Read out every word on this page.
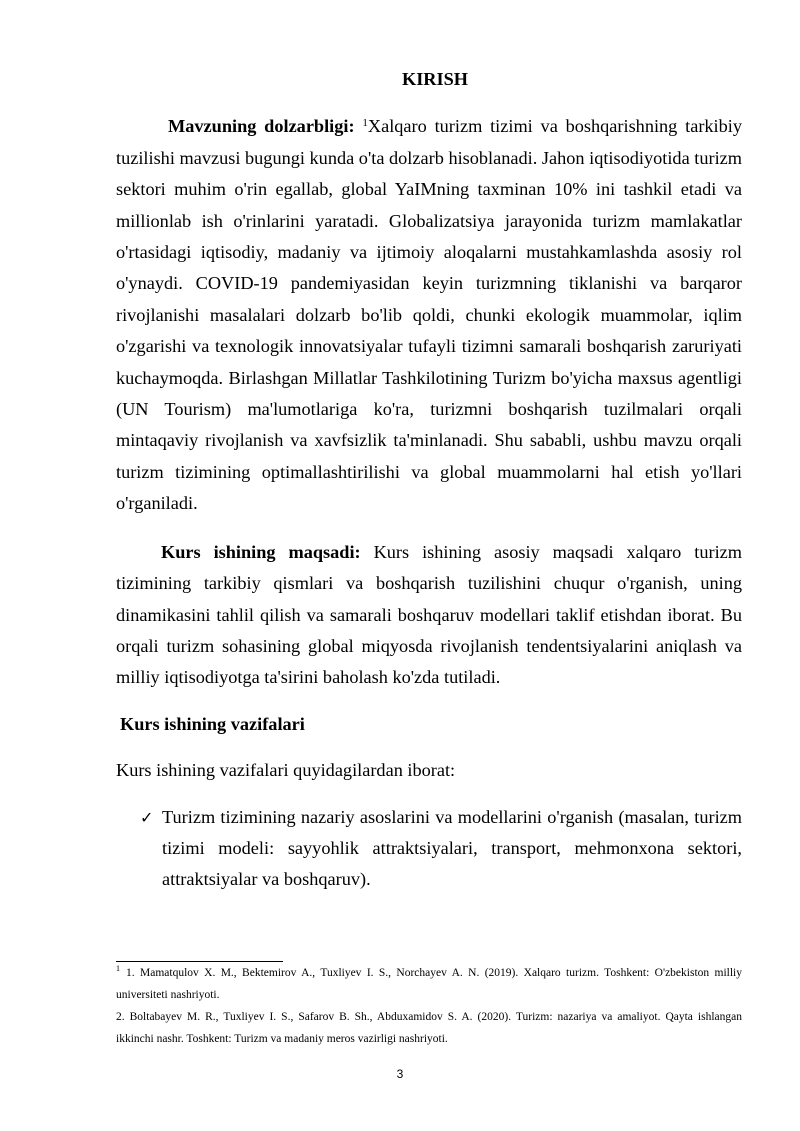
KIRISH

Mavzuning dolzarbligi: $^1$Xalqaro turizm tizimi va boshqarishning tarkibiy tuzilishi mavzusi bugungi kunda o'ta dolzarb hisoblanadi. Jahon iqtisodiyotida turizm sektori muhim o'rin egallab, global YaIMning taxminan 10% ini tashkil etadi va millionlab ish o'rinlarini yaratadi. Globalizatsiya jarayonida turizm mamlakatlar o'rtasidagi iqtisodiy, madaniy va ijtimoiy aloqalarni mustahkamlashda asosiy rol o'ynaydi. COVID-19 pandemiyasidan keyin turizmning tiklanishi va barqaror rivojlanishi masalalari dolzarb bo'lib qoldi, chunki ekologik muammolar, iqlim o'zgarishi va texnologik innovatsiyalar tufayli tizimni samarali boshqarish zaruriyati kuchaymoqda. Birlashgan Millatlar Tashkilotining Turizm bo'yicha maxsus agentligi (UN Tourism) ma'lumotlariga ko'ra, turizmni boshqarish tuzilmalari orqali mintaqaviy rivojlanish va xavfsizlik ta'minlanadi. Shu sababli, ushbu mavzu orqali turizm tizimining optimallashtirilishi va global muammolarni hal etish yo'llari o'rganiladi.

Kurs ishining maqsadi: Kurs ishining asosiy maqsadi xalqaro turizm tizimining tarkibiy qismlari va boshqarish tuzilishini chuqur o'rganish, uning dinamikasini tahlil qilish va samarali boshqaruv modellari taklif etishdan iborat. Bu orqali turizm sohasining global miqyosda rivojlanish tendentsiyalarini aniqlash va milliy iqtisodiyotga ta'sirini baholash ko'zda tutiladi.

Kurs ishining vazifalari

Kurs ishining vazifalari quyidagilardan iborat:

✓ Turizm tizimining nazariy asoslarini va modellarini o'rganish (masalan, turizm tizimi modeli: sayyohlik attraktsiyalari, transport, mehmonxona sektori, attraktsiyalar va boshqaruv).

$^1$ 1. Mamatqulov X. M., Bektemirov A., Tuxliyev I. S., Norchayev A. N. (2019). Xalqaro turizm. Toshkent: O'zbekiston milliy universiteti nashriyoti.

2. Boltabayev M. R., Tuxliyev I. S., Safarov B. Sh., Abduxamidov S. A. (2020). Turizm: nazariya va amaliyot. Qayta ishlangan ikkinchi nashr. Toshkent: Turizm va madaniy meros vazirligi nashriyoti.

3
